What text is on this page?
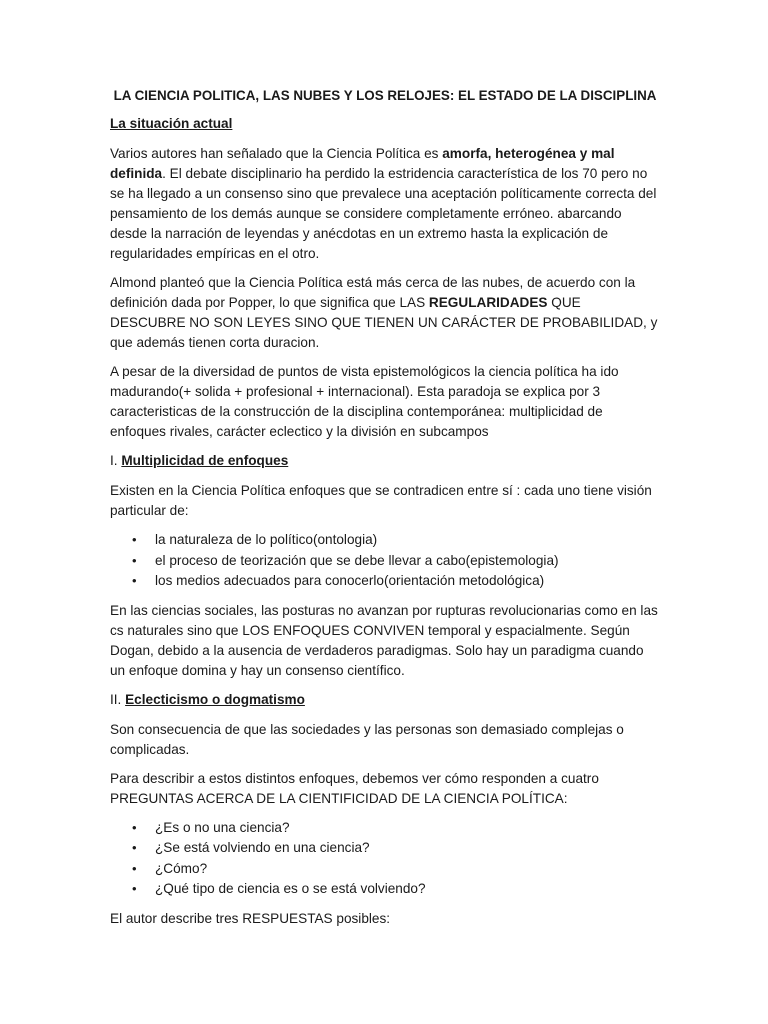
LA CIENCIA POLITICA, LAS NUBES Y LOS RELOJES: EL ESTADO DE LA DISCIPLINA
La situación actual

Varios autores han señalado que la Ciencia Política es amorfa, heterogénea y mal definida. El debate disciplinario ha perdido la estridencia característica de los 70 pero no se ha llegado a un consenso sino que prevalece una aceptación políticamente correcta del pensamiento de los demás aunque se considere completamente erróneo. abarcando desde la narración de leyendas y anécdotas en un extremo hasta la explicación de regularidades empíricas en el otro.

Almond planteó que la Ciencia Política está más cerca de las nubes, de acuerdo con la definición dada por Popper, lo que significa que LAS REGULARIDADES QUE DESCUBRE NO SON LEYES SINO QUE TIENEN UN CARÁCTER DE PROBABILIDAD, y que además tienen corta duracion.

A pesar de la diversidad de puntos de vista epistemológicos la ciencia política ha ido madurando(+ solida + profesional + internacional). Esta paradoja se explica por 3 caracteristicas de la construcción de la disciplina contemporánea: multiplicidad de enfoques rivales, carácter eclectico y la división en subcampos

I. Multiplicidad de enfoques

Existen en la Ciencia Política enfoques que se contradicen entre sí : cada uno tiene visión particular de:

• la naturaleza de lo político(ontologia)
• el proceso de teorización que se debe llevar a cabo(epistemologia)
• los medios adecuados para conocerlo(orientación metodológica)

En las ciencias sociales, las posturas no avanzan por rupturas revolucionarias como en las cs naturales sino que LOS ENFOQUES CONVIVEN temporal y espacialmente. Según Dogan, debido a la ausencia de verdaderos paradigmas. Solo hay un paradigma cuando un enfoque domina y hay un consenso científico.

II. Eclecticismo o dogmatismo

Son consecuencia de que las sociedades y las personas son demasiado complejas o complicadas.

Para describir a estos distintos enfoques, debemos ver cómo responden a cuatro PREGUNTAS ACERCA DE LA CIENTIFICIDAD DE LA CIENCIA POLÍTICA:

• ¿Es o no una ciencia?
• ¿Se está volviendo en una ciencia?
• ¿Cómo?
• ¿Qué tipo de ciencia es o se está volviendo?

El autor describe tres RESPUESTAS posibles:
